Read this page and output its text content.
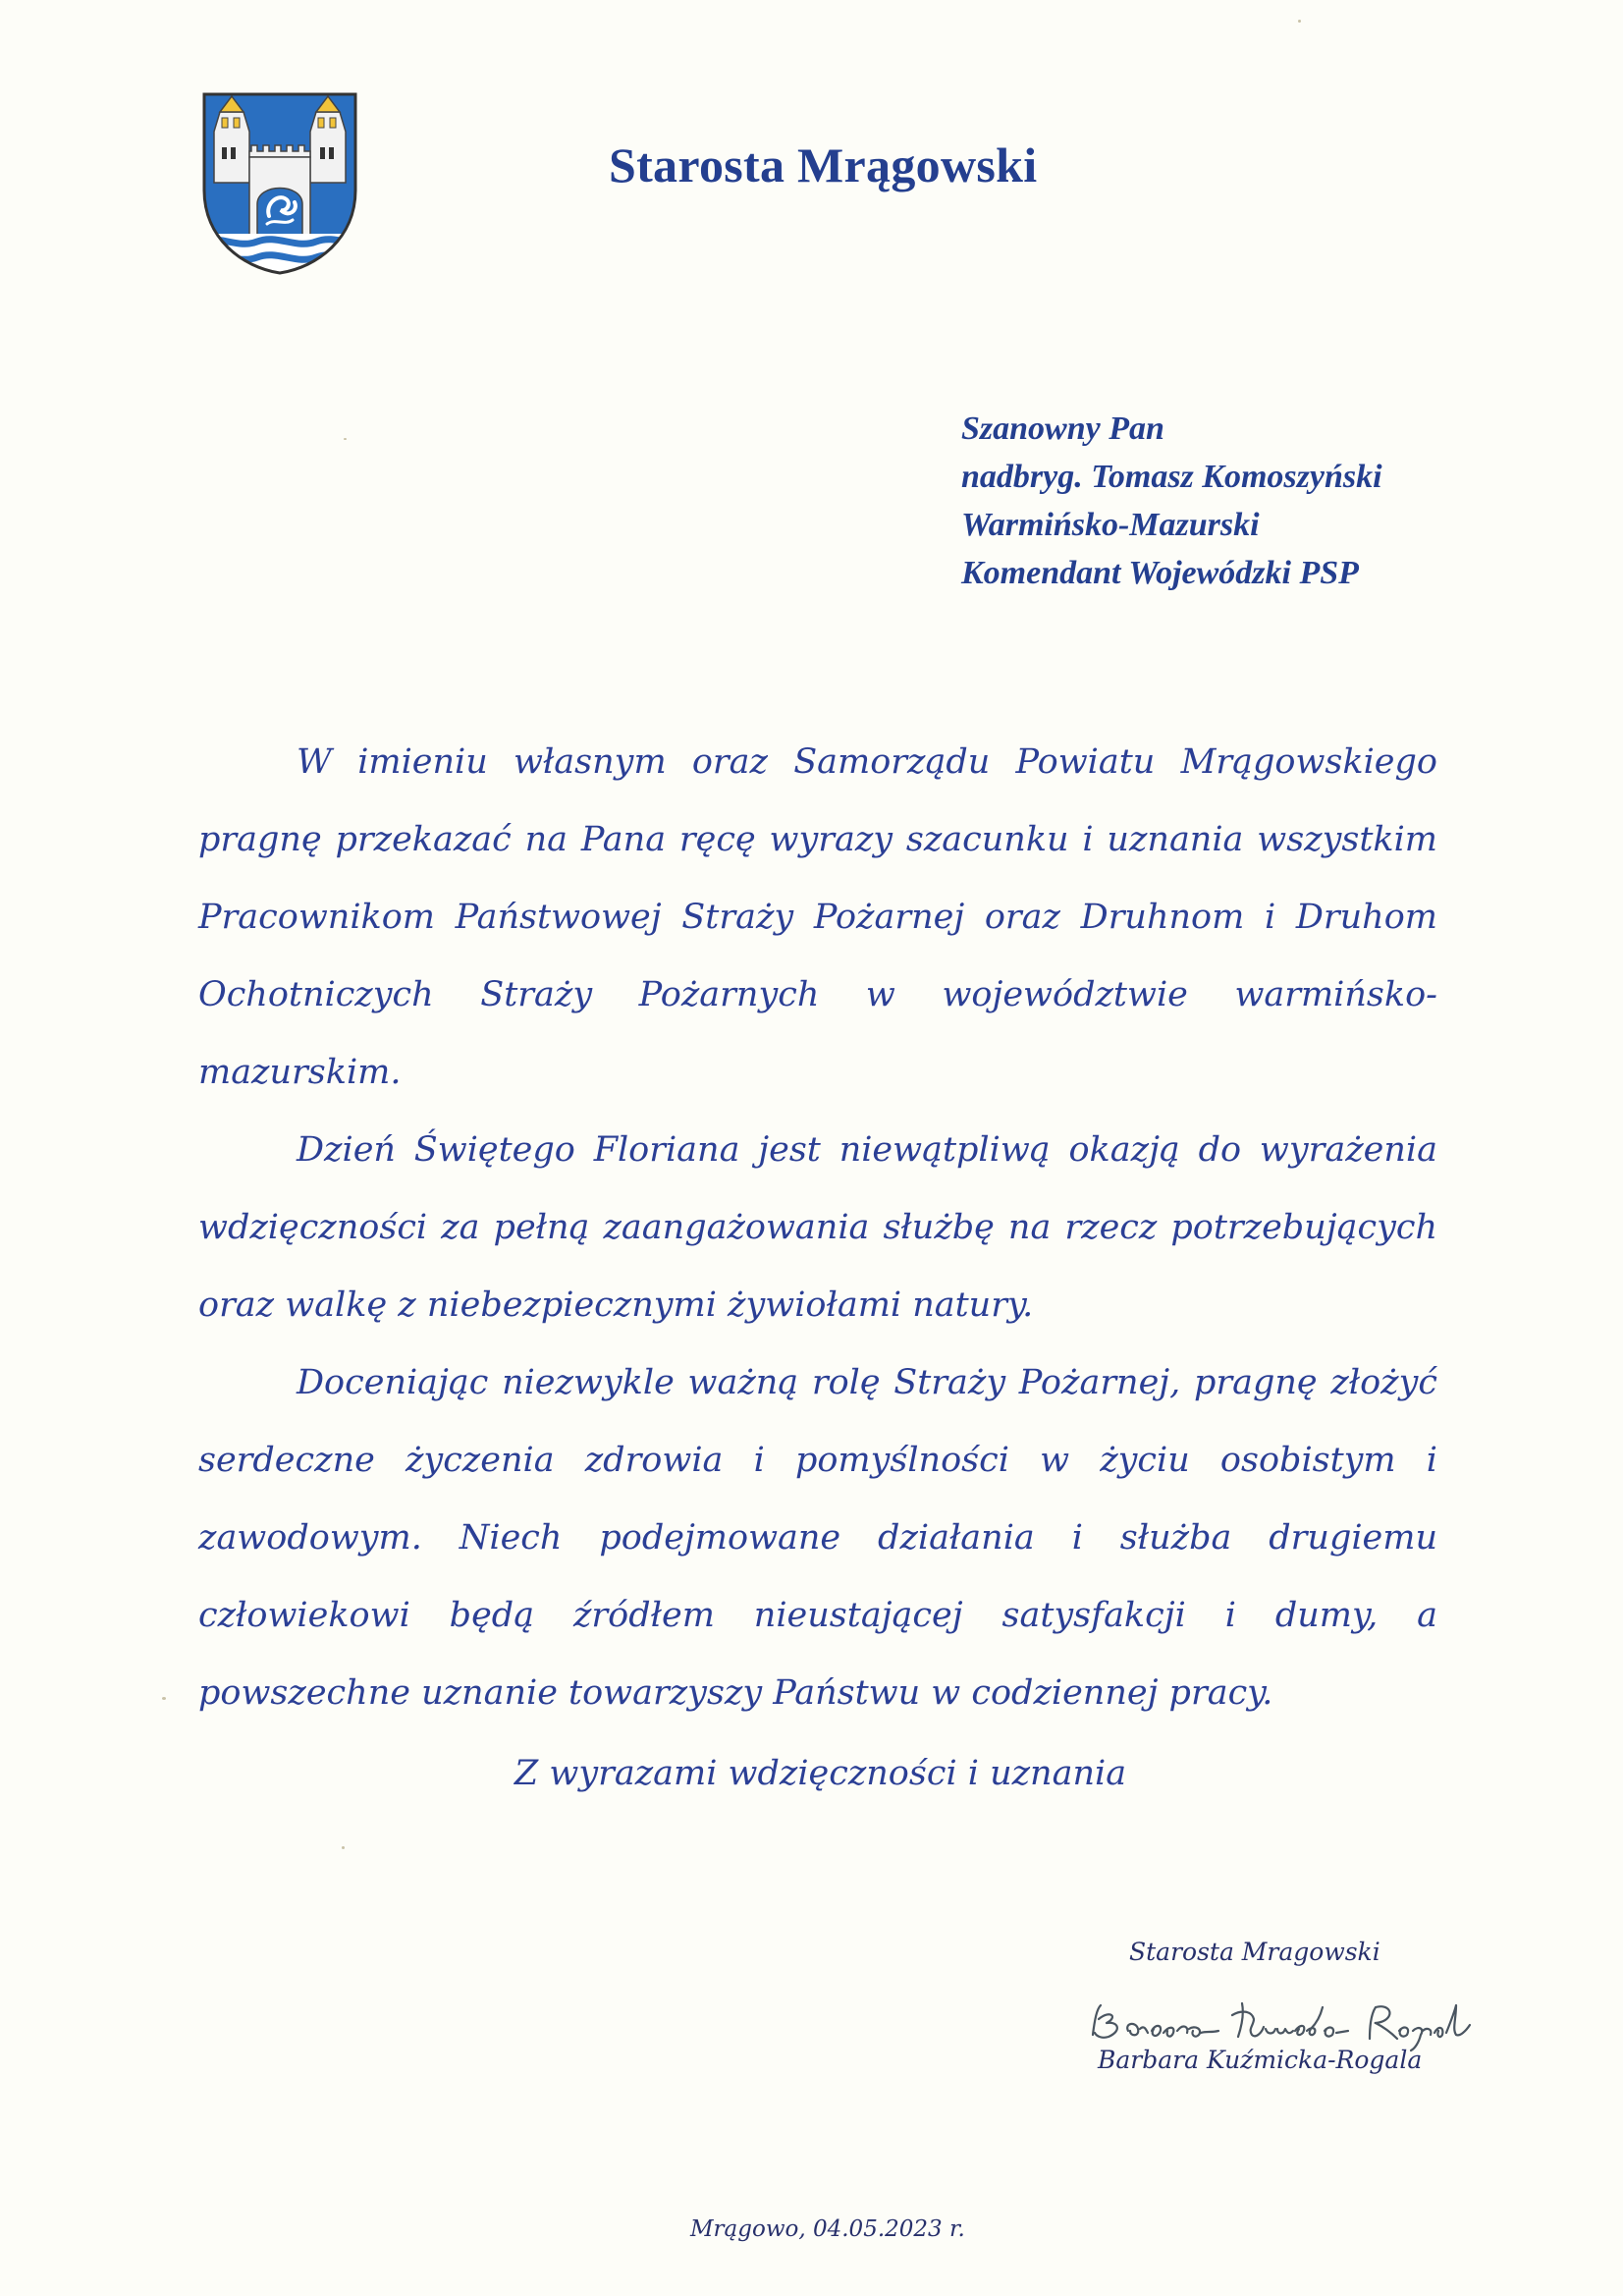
Starosta Mrągowski
Szanowny Pan
nadbryg. Tomasz Komoszyński
Warmińsko-Mazurski
Komendant Wojewódzki PSP

W imieniu własnym oraz Samorządu Powiatu Mrągowskiego pragnę przekazać na Pana ręcę wyrazy szacunku i uznania wszystkim Pracownikom Państwowej Straży Pożarnej oraz Druhnom i Druhom Ochotniczych Straży Pożarnych w województwie warmińsko-mazurskim.

Dzień Świętego Floriana jest niewątpliwą okazją do wyrażenia wdzięczności za pełną zaangażowania służbę na rzecz potrzebujących oraz walkę z niebezpiecznymi żywiołami natury.

Doceniając niezwykle ważną rolę Straży Pożarnej, pragnę złożyć serdeczne życzenia zdrowia i pomyślności w życiu osobistym i zawodowym. Niech podejmowane działania i służba drugiemu człowiekowi będą źródłem nieustającej satysfakcji i dumy, a powszechne uznanie towarzyszy Państwu w codziennej pracy.

Z wyrazami wdzięczności i uznania
Starosta Mragowski
Barbara Kuźmicka-Rogala
Mrągowo, 04.05.2023 r.
